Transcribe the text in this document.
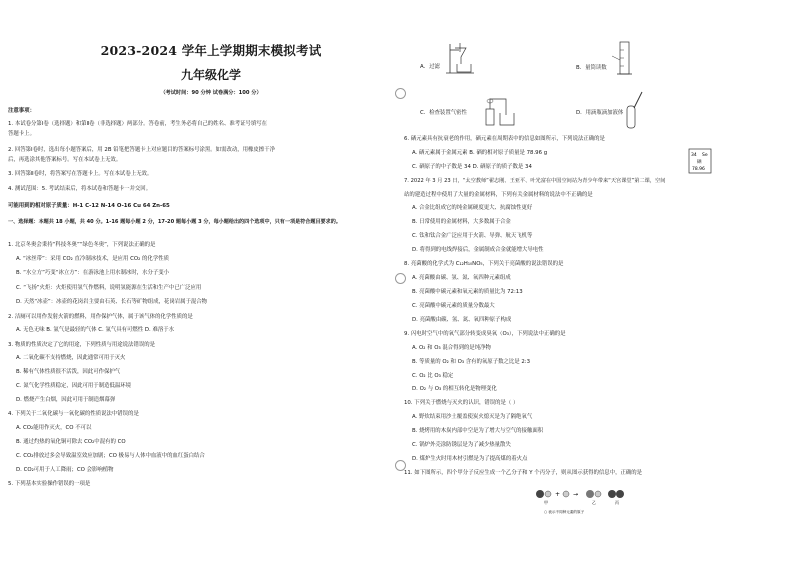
2023-2024 学年上学期期末模拟考试
九年级化学
（考试时间：90 分钟 试卷满分：100 分）
注意事项：
1. 本试卷分第Ⅰ卷（选择题）和第Ⅱ卷（非选择题）两部分。答卷前，考生务必将自己的姓名、准考证号填写在
答题卡上。
2. 回答第Ⅰ卷时，选出每小题答案后，用 2B 铅笔把答题卡上对应题目的答案标号涂黑。如需改动，用橡皮擦干净
后，再选涂其他答案标号。写在本试卷上无效。
3. 回答第Ⅱ卷时，将答案写在答题卡上。写在本试卷上无效。
4. 测试范围：5. 考试结束后，将本试卷和答题卡一并交回。
可能用到的相对原子质量：H-1 C-12 N-14 O-16 Cu 64 Zn-65
一、选择题：本题共 18 小题，共 40 分。1-16 题每小题 2 分，17-20 题每小题 3 分，每小题给出的四个选项中，只有一项是符合题目要求的。
1. 北京冬奥会秉持“科技冬奥”“绿色冬奥”，下列说法正确的是
A. “冰丝带”：采用 CO₂ 直冷制冰技术，是应用 CO₂ 的化学性质
B. “水立方”巧变“冰立方”：在游泳池上用水制冰时，水分子变小
C. “飞扬”火炬：火炬使用氢气作燃料，说明氢能源在生活和生产中已广泛应用
D. 天然“冰壶”：冰壶的花岗岩主要由石英、长石等矿物组成，花岗岩属于混合物
2. 洁厕可以用作发射火箭的燃料，用作保护气体，属于该气体的化学性质的是
A. 无色无味 B. 氩气是最轻的气体 C. 氩气具有可燃性 D. 难溶于水
3. 物质的性质决定了它的用途，下列性质与用途说法错误的是
A. 二氧化碳不支持燃烧，因此通常可用于灭火
B. 稀有气体性质很不活泼，因此可作保护气
C. 氮气化学性质稳定，因此可用于制造低温环境
D. 燃烧产生白烟，因此可用于制造烟幕弹
4. 下列关于二氧化碳与一氧化碳的性质说法中错误的是
A. CO₂能用作灭火，CO 不可以
B. 通过灼热的氧化铜可除去 CO₂中混有的 CO
C. CO₂排放过多会导致温室效应加剧；CO 极易与人体中血液中的血红蛋白结合
D. CO₂可用于人工降雨；CO 会影响植物
5. 下列基本实验操作错误的一项是
A．过滤	B．量筒读数
C．检查装置气密性	D．用滴瓶滴加液体
6. 硒元素具有抗衰老的作用，硒元素在周期表中的信息如图所示，下列说法正确的是
A. 硒元素属于金属元素 B. 硒的相对原子质量是 78.96 g
C. 硒原子的中子数是 34 D. 硒原子的质子数是 34
34 Se
硒
78.96
7. 2022 年 3 月 23 日，“太空教师”翟志刚、王亚平、叶光富在中国空间站为青少年带来“天宫课堂”第二课，空间
站的建造过程中使用了大量的金属材料，下列有关金属材料的说法中不正确的是
A. 合金比组成它的纯金属硬度更大、抗腐蚀性更好
B. 日常使用的金属材料，大多数属于合金
C. 钛和钛合金广泛应用于火箭、导弹、航天飞机等
D. 将得到的电线焊接后，金属制成合金就能增大导电性
8. 亮菌酸的化学式为 C₁₂H₁₀NO₅，下列关于亮菌酸的说法错误的是
A. 亮菌酸由碳、氢、氮、氧四种元素组成
B. 亮菌酸中碳元素和氧元素的质量比为 72:13
C. 亮菌酸中碳元素的质量分数最大
D. 亮菌酸由碳、氢、氮、氧四种原子构成
9. 闪电时空气中的氧气部分转变成臭氧（O₃），下列说法中正确的是
A. O₂ 和 O₃ 混合得到的是纯净物
B. 等质量的 O₂ 和 O₃ 含有的氧原子数之比是 2:3
C. O₂ 比 O₃ 稳定
D. O₂ 与 O₃ 的相互转化是物理变化
10. 下列关于燃烧与灭火的认识，错误的是（ ）
A. 野炊结束用沙土覆盖使炭火熄灭是为了隔绝氧气
B. 烧烤用的木炭内部中空是为了增大与空气的接触面积
C. 锅炉外壳涂防锈层是为了减少热量散失
D. 煤炉生火时用木材引燃是为了提高煤的着火点
11. 如下图所示，四个甲分子反应生成一个乙分子和 Y 个丙分子，则从图示获得的信息中，正确的是
+ →
甲	乙	丙
○ 表示不同种元素的原子
